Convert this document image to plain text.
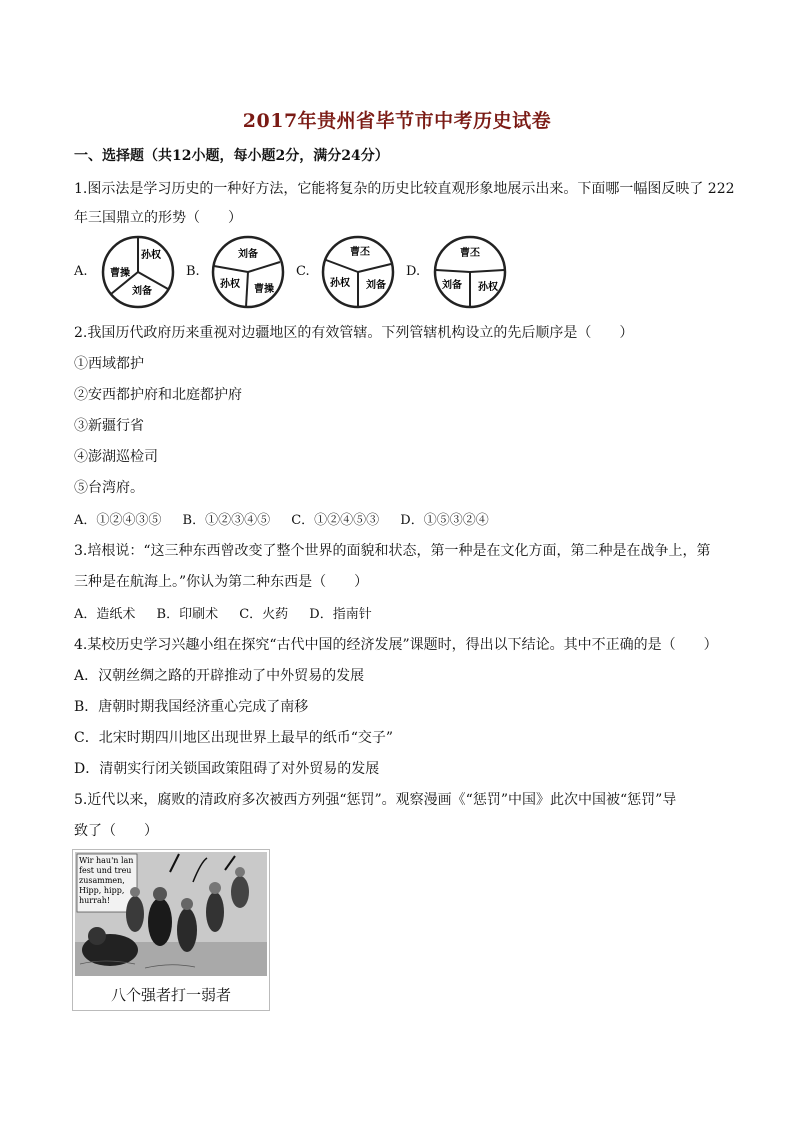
2017年贵州省毕节市中考历史试卷
一、选择题（共12小题，每小题2分，满分24分）
1.图示法是学习历史的一种好方法，它能将复杂的历史比较直观形象地展示出来。下面哪一幅图反映了 222
年三国鼎立的形势（　　）
A.
孙权
曹操
刘备
B.
刘备
孙权 曹操
C.
曹丕
孙权 刘备
D.
曹丕
刘备 孙权
2.我国历代政府历来重视对边疆地区的有效管辖。下列管辖机构设立的先后顺序是（　　）
①西域都护
②安西都护府和北庭都护府
③新疆行省
④澎湖巡检司
⑤台湾府。
A．①②④③⑤　 B．①②③④⑤　 C．①②④⑤③　 D．①⑤③②④
3.培根说：“这三种东西曾改变了整个世界的面貌和状态，第一种是在文化方面，第二种是在战争上，第
三种是在航海上。”你认为第二种东西是（　　）
A．造纸术　 B．印刷术　 C．火药　 D．指南针
4.某校历史学习兴趣小组在探究“古代中国的经济发展”课题时，得出以下结论。其中不正确的是（　　）
A．汉朝丝绸之路的开辟推动了中外贸易的发展
B．唐朝时期我国经济重心完成了南移
C．北宋时期四川地区出现世界上最早的纸币“交子”
D．清朝实行闭关锁国政策阻碍了对外贸易的发展
5.近代以来，腐败的清政府多次被西方列强“惩罚”。观察漫画《“惩罚”中国》此次中国被“惩罚”导
致了（　　）
Wir hau'n lan
fest und treu
zusammen,
Hipp, hipp,
hurrah!
八个强者打一弱者
